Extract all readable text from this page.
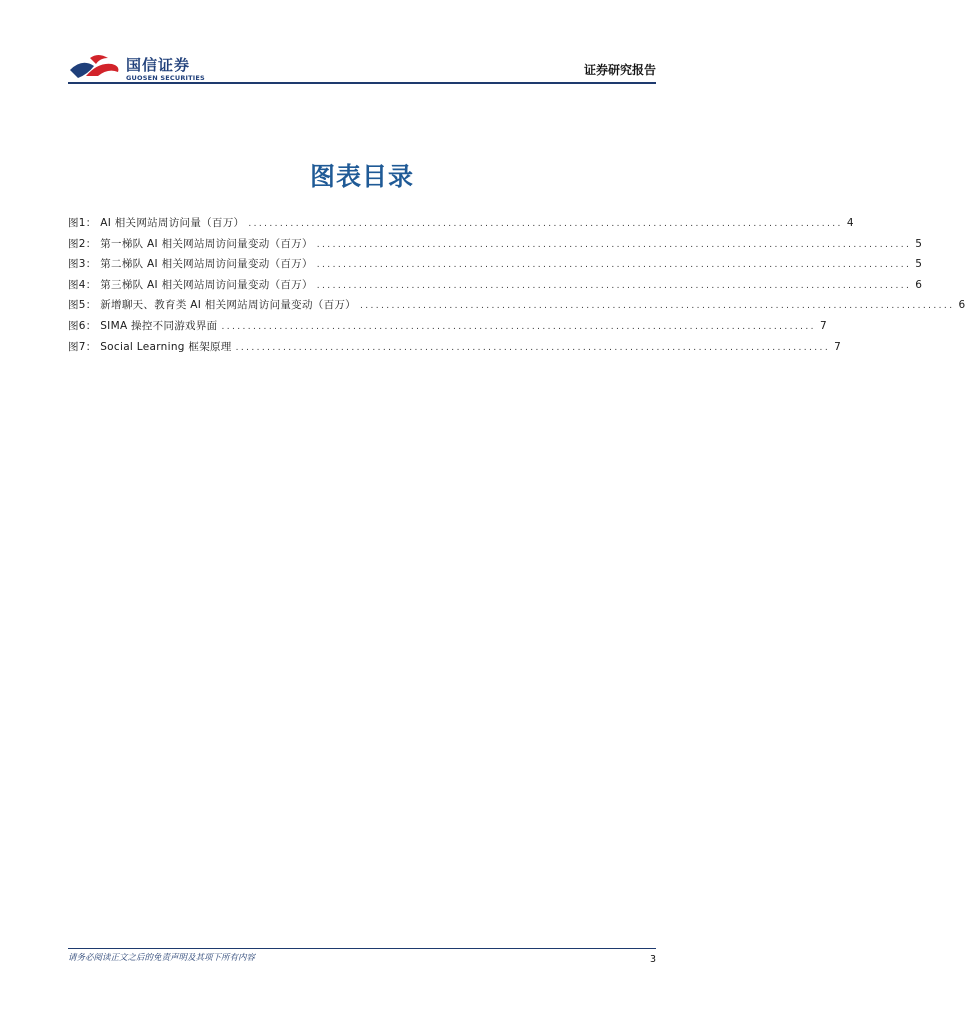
国信证券
GUOSEN SECURITIES
证券研究报告
图表目录
图1： AI 相关网站周访问量（百万） ................................................................................................................. 4
图2： 第一梯队 AI 相关网站周访问量变动（百万） ................................................................................................................. 5
图3： 第二梯队 AI 相关网站周访问量变动（百万） ................................................................................................................. 5
图4： 第三梯队 AI 相关网站周访问量变动（百万） ................................................................................................................. 6
图5： 新增聊天、教育类 AI 相关网站周访问量变动（百万） ................................................................................................................. 6
图6： SIMA 操控不同游戏界面 ................................................................................................................. 7
图7： Social Learning 框架原理 ................................................................................................................. 7
请务必阅读正文之后的免责声明及其项下所有内容	3
